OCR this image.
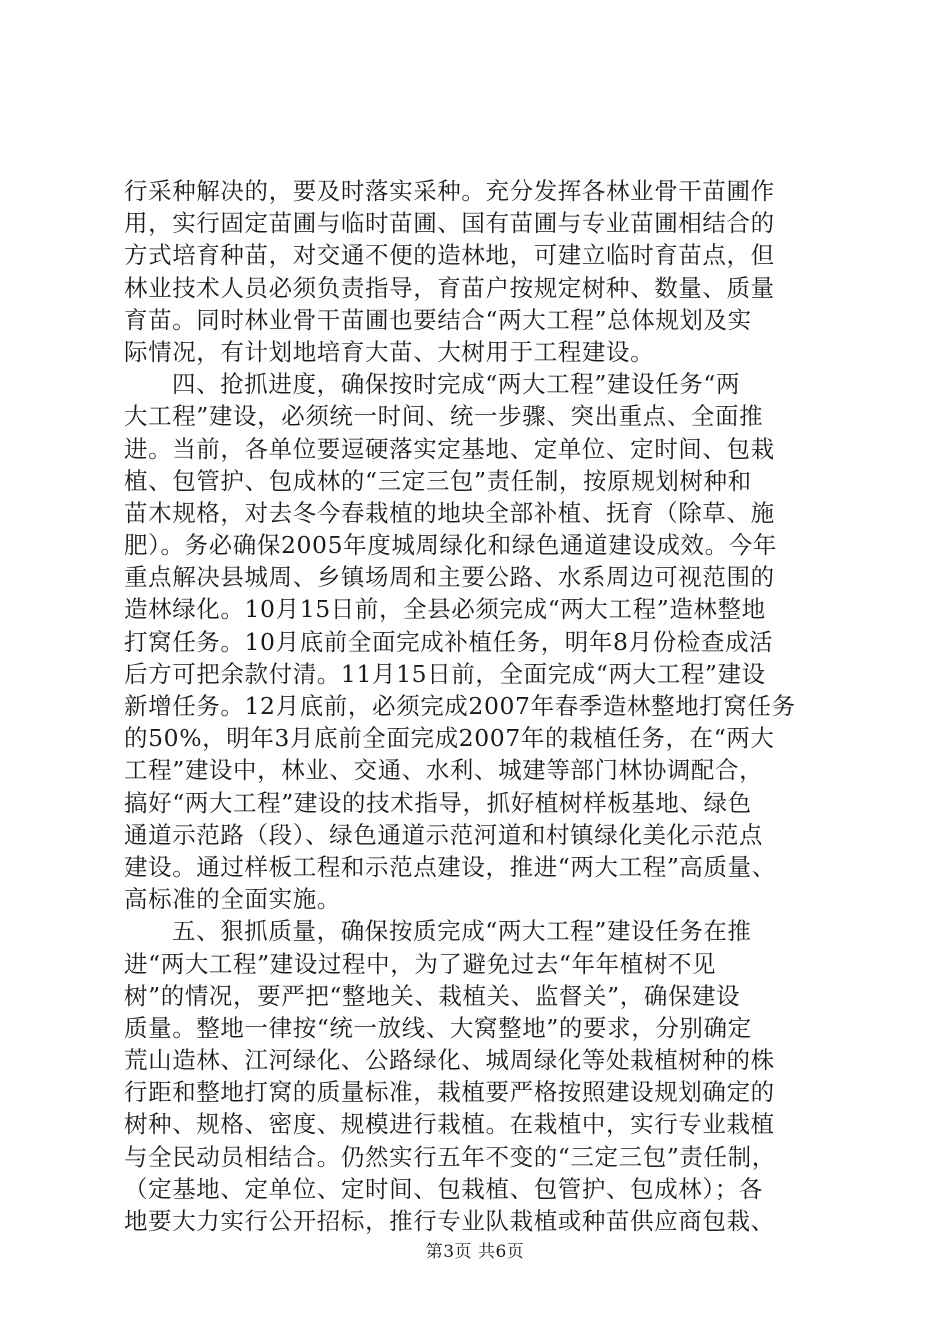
行采种解决的，要及时落实采种。充分发挥各林业骨干苗圃作
用，实行固定苗圃与临时苗圃、国有苗圃与专业苗圃相结合的
方式培育种苗，对交通不便的造林地，可建立临时育苗点，但
林业技术人员必须负责指导，育苗户按规定树种、数量、质量
育苗。同时林业骨干苗圃也要结合“两大工程”总体规划及实
际情况，有计划地培育大苗、大树用于工程建设。
四、抢抓进度，确保按时完成“两大工程”建设任务“两
大工程”建设，必须统一时间、统一步骤、突出重点、全面推
进。当前，各单位要逗硬落实定基地、定单位、定时间、包栽
植、包管护、包成林的“三定三包”责任制，按原规划树种和
苗木规格，对去冬今春栽植的地块全部补植、抚育（除草、施
肥）。务必确保2005年度城周绿化和绿色通道建设成效。今年
重点解决县城周、乡镇场周和主要公路、水系周边可视范围的
造林绿化。10月15日前，全县必须完成“两大工程”造林整地
打窝任务。10月底前全面完成补植任务，明年8月份检查成活
后方可把余款付清。11月15日前，全面完成“两大工程”建设
新增任务。12月底前，必须完成2007年春季造林整地打窝任务
的50%，明年3月底前全面完成2007年的栽植任务，在“两大
工程”建设中，林业、交通、水利、城建等部门林协调配合，
搞好“两大工程”建设的技术指导，抓好植树样板基地、绿色
通道示范路（段）、绿色通道示范河道和村镇绿化美化示范点
建设。通过样板工程和示范点建设，推进“两大工程”高质量、
高标准的全面实施。
五、狠抓质量，确保按质完成“两大工程”建设任务在推
进“两大工程”建设过程中，为了避免过去“年年植树不见
树”的情况，要严把“整地关、栽植关、监督关”，确保建设
质量。整地一律按“统一放线、大窝整地”的要求，分别确定
荒山造林、江河绿化、公路绿化、城周绿化等处栽植树种的株
行距和整地打窝的质量标准，栽植要严格按照建设规划确定的
树种、规格、密度、规模进行栽植。在栽植中，实行专业栽植
与全民动员相结合。仍然实行五年不变的“三定三包”责任制，
（定基地、定单位、定时间、包栽植、包管护、包成林）；各
地要大力实行公开招标，推行专业队栽植或种苗供应商包栽、
第3页 共6页
